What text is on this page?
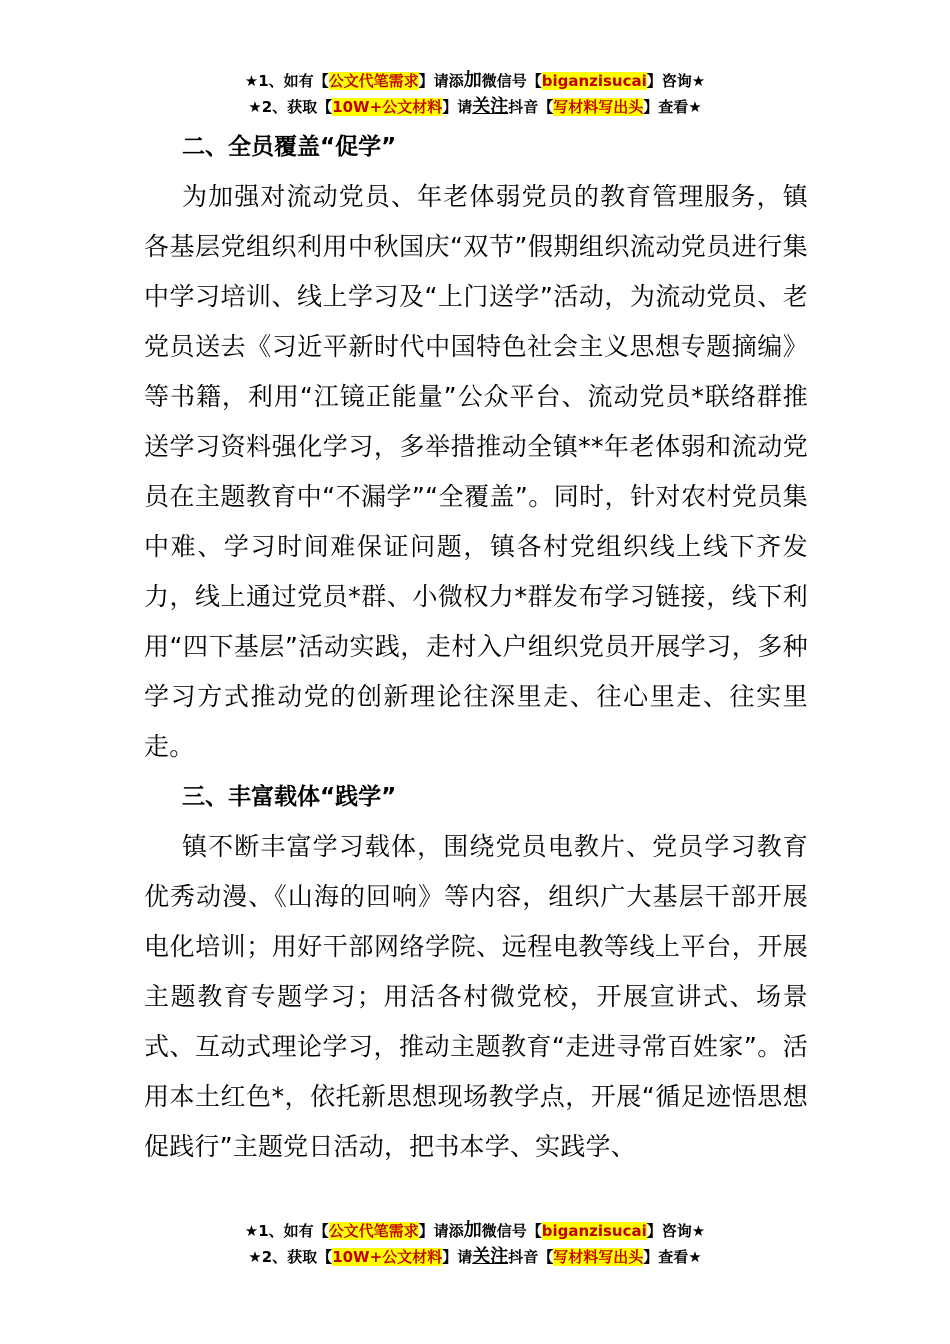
★1、如有【公文代笔需求】请添加微信号【biganzisucai】咨询★
★2、获取【10W+公文材料】请关注抖音【写材料写出头】查看★
二、全员覆盖“促学”

为加强对流动党员、年老体弱党员的教育管理服务，镇各基层党组织利用中秋国庆“双节”假期组织流动党员进行集中学习培训、线上学习及“上门送学”活动，为流动党员、老党员送去《习近平新时代中国特色社会主义思想专题摘编》等书籍，利用“江镜正能量”公众平台、流动党员*联络群推送学习资料强化学习，多举措推动全镇**年老体弱和流动党员在主题教育中“不漏学”“全覆盖”。同时，针对农村党员集中难、学习时间难保证问题，镇各村党组织线上线下齐发力，线上通过党员*群、小微权力*群发布学习链接，线下利用“四下基层”活动实践，走村入户组织党员开展学习，多种学习方式推动党的创新理论往深里走、往心里走、往实里走。

三、丰富载体“践学”

镇不断丰富学习载体，围绕党员电教片、党员学习教育优秀动漫、《山海的回响》等内容，组织广大基层干部开展电化培训；用好干部网络学院、远程电教等线上平台，开展主题教育专题学习；用活各村微党校，开展宣讲式、场景式、互动式理论学习，推动主题教育“走进寻常百姓家”。活用本土红色*，依托新思想现场教学点，开展“循足迹悟思想促践行”主题党日活动，把书本学、实践学、

★1、如有【公文代笔需求】请添加微信号【biganzisucai】咨询★
★2、获取【10W+公文材料】请关注抖音【写材料写出头】查看★
